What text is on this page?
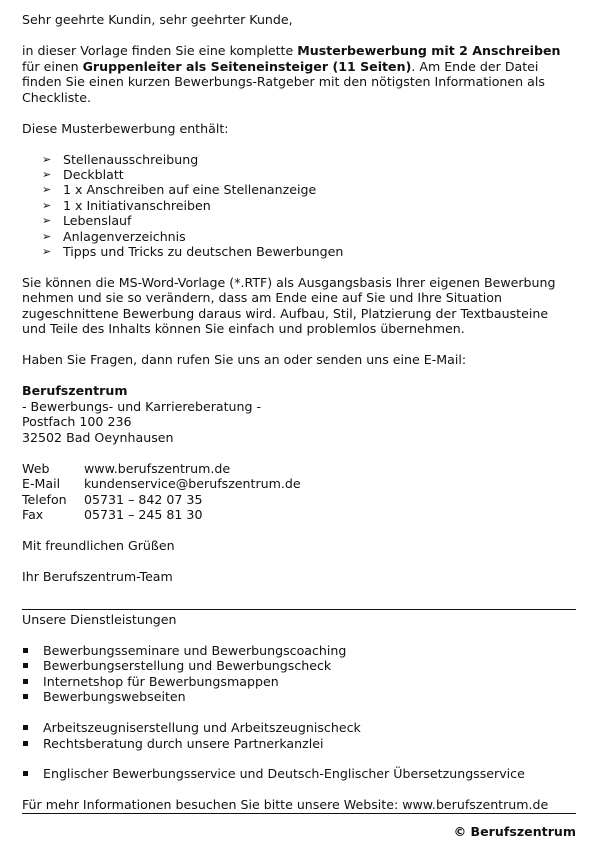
Sehr geehrte Kundin, sehr geehrter Kunde,

in dieser Vorlage finden Sie eine komplette Musterbewerbung mit 2 Anschreiben für einen Gruppenleiter als Seiteneinsteiger (11 Seiten). Am Ende der Datei finden Sie einen kurzen Bewerbungs-Ratgeber mit den nötigsten Informationen als Checkliste.

Diese Musterbewerbung enthält:

➢ Stellenausschreibung
➢ Deckblatt
➢ 1 x Anschreiben auf eine Stellenanzeige
➢ 1 x Initiativanschreiben
➢ Lebenslauf
➢ Anlagenverzeichnis
➢ Tipps und Tricks zu deutschen Bewerbungen

Sie können die MS-Word-Vorlage (*.RTF) als Ausgangsbasis Ihrer eigenen Bewerbung nehmen und sie so verändern, dass am Ende eine auf Sie und Ihre Situation zugeschnittene Bewerbung daraus wird. Aufbau, Stil, Platzierung der Textbausteine und Teile des Inhalts können Sie einfach und problemlos übernehmen.

Haben Sie Fragen, dann rufen Sie uns an oder senden uns eine E-Mail:

Berufszentrum

- Bewerbungs- und Karriereberatung -

Postfach 100 236

32502 Bad Oeynhausen

Web	www.berufszentrum.de
E-Mail	kundenservice@berufszentrum.de
Telefon	05731 – 842 07 35
Fax	05731 – 245 81 30

Mit freundlichen Grüßen

Ihr Berufszentrum-Team

Unsere Dienstleistungen

Bewerbungsseminare und Bewerbungscoaching
Bewerbungserstellung und Bewerbungscheck
Internetshop für Bewerbungsmappen
Bewerbungswebseiten
Arbeitszeugniserstellung und Arbeitszeugnischeck
Rechtsberatung durch unsere Partnerkanzlei
Englischer Bewerbungsservice und Deutsch-Englischer Übersetzungsservice

Für mehr Informationen besuchen Sie bitte unsere Website: www.berufszentrum.de

© Berufszentrum
